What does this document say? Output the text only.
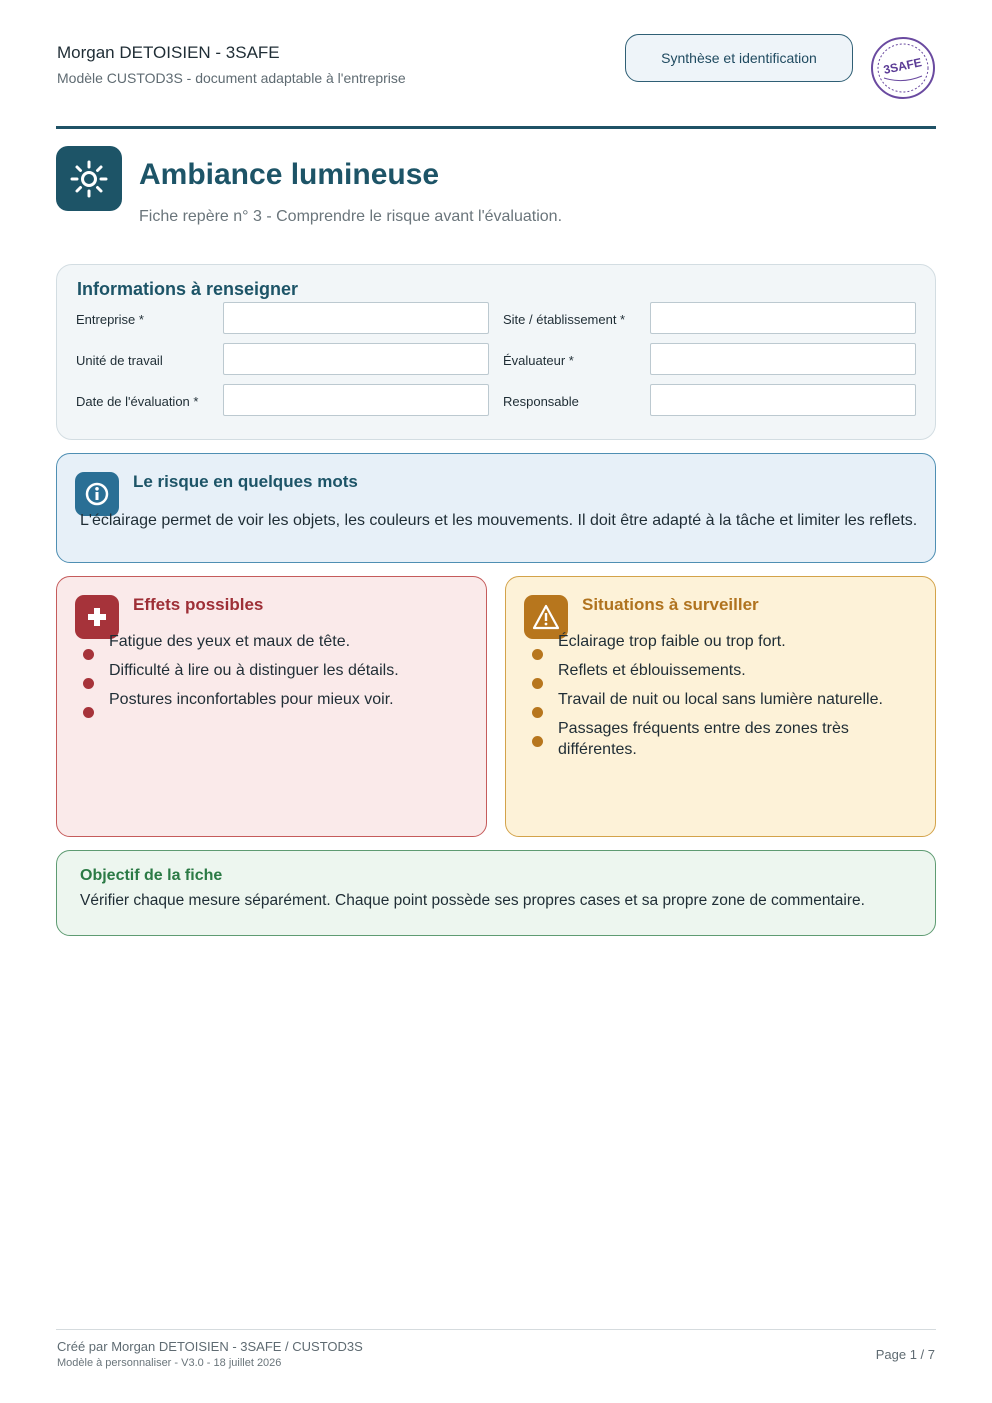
Morgan DETOISIEN - 3SAFE
Modèle CUSTOD3S - document adaptable à l'entreprise
Synthèse et identification	3SAFE
Ambiance lumineuse
Fiche repère n° 3 - Comprendre le risque avant l'évaluation.
Informations à renseigner
Entreprise *	Site / établissement *
Unité de travail	Évaluateur *
Date de l'évaluation *	Responsable
Le risque en quelques mots
L'éclairage permet de voir les objets, les couleurs et les mouvements. Il doit être adapté à la tâche et limiter les reflets.
Effets possibles
Fatigue des yeux et maux de tête.
Difficulté à lire ou à distinguer les détails.
Postures inconfortables pour mieux voir.
Situations à surveiller
Éclairage trop faible ou trop fort.
Reflets et éblouissements.
Travail de nuit ou local sans lumière naturelle.
Passages fréquents entre des zones très différentes.
Objectif de la fiche
Vérifier chaque mesure séparément. Chaque point possède ses propres cases et sa propre zone de commentaire.
Créé par Morgan DETOISIEN - 3SAFE / CUSTOD3S
Modèle à personnaliser - V3.0 - 18 juillet 2026
Page 1 / 7
